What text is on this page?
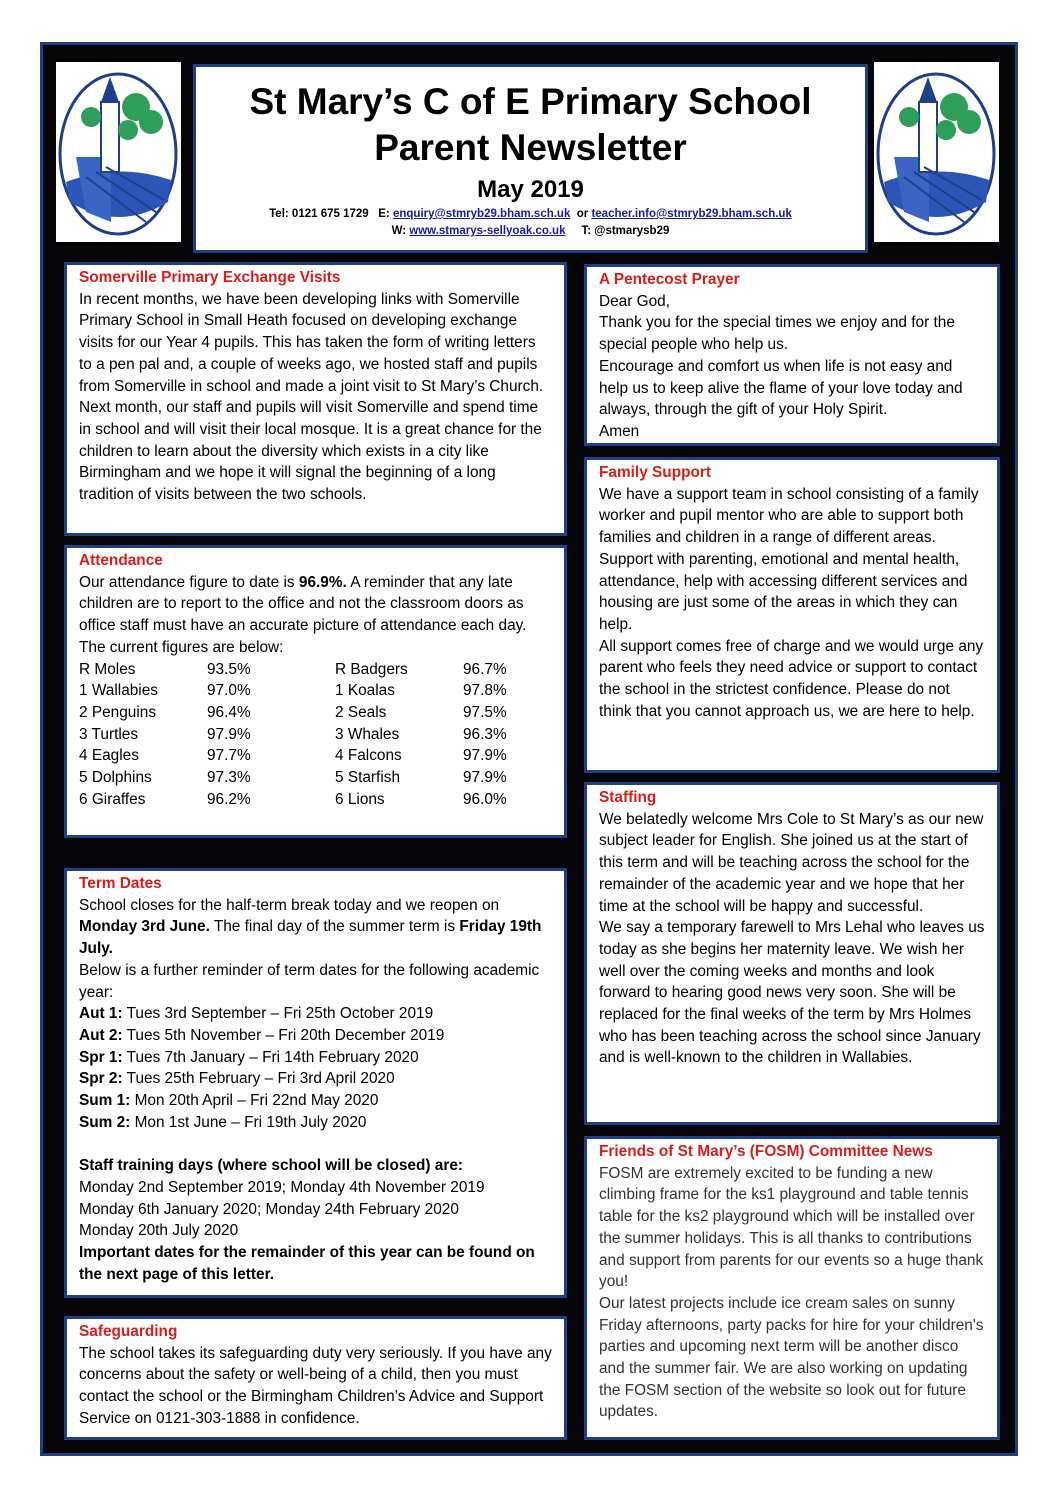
St Mary’s C of E Primary School
Parent Newsletter
May 2019
Tel: 0121 675 1729 E: enquiry@stmryb29.bham.sch.uk or teacher.info@stmryb29.bham.sch.uk
W: www.stmarys-sellyoak.co.uk T: @stmarysb29
Somerville Primary Exchange Visits

In recent months, we have been developing links with Somerville Primary School in Small Heath focused on developing exchange visits for our Year 4 pupils. This has taken the form of writing letters to a pen pal and, a couple of weeks ago, we hosted staff and pupils from Somerville in school and made a joint visit to St Mary’s Church.

Next month, our staff and pupils will visit Somerville and spend time in school and will visit their local mosque. It is a great chance for the children to learn about the diversity which exists in a city like Birmingham and we hope it will signal the beginning of a long tradition of visits between the two schools.

Attendance

Our attendance figure to date is 96.9%. A reminder that any late children are to report to the office and not the classroom doors as office staff must have an accurate picture of attendance each day. The current figures are below:

R Moles	93.5%	R Badgers	96.7%
1 Wallabies	97.0%	1 Koalas	97.8%
2 Penguins	96.4%	2 Seals	97.5%
3 Turtles	97.9%	3 Whales	96.3%
4 Eagles	97.7%	4 Falcons	97.9%
5 Dolphins	97.3%	5 Starfish	97.9%
6 Giraffes	96.2%	6 Lions	96.0%
Term Dates

School closes for the half-term break today and we reopen on Monday 3rd June. The final day of the summer term is Friday 19th July.

Below is a further reminder of term dates for the following academic year:

Aut 1: Tues 3rd September – Fri 25th October 2019
Aut 2: Tues 5th November – Fri 20th December 2019
Spr 1: Tues 7th January – Fri 14th February 2020
Spr 2: Tues 25th February – Fri 3rd April 2020
Sum 1: Mon 20th April – Fri 22nd May 2020
Sum 2: Mon 1st June – Fri 19th July 2020
Staff training days (where school will be closed) are:
Monday 2nd September 2019; Monday 4th November 2019
Monday 6th January 2020; Monday 24th February 2020
Monday 20th July 2020
Important dates for the remainder of this year can be found on the next page of this letter.
Safeguarding

The school takes its safeguarding duty very seriously. If you have any concerns about the safety or well-being of a child, then you must contact the school or the Birmingham Children’s Advice and Support Service on 0121-303-1888 in confidence.

A Pentecost Prayer

Dear God,

Thank you for the special times we enjoy and for the special people who help us.

Encourage and comfort us when life is not easy and help us to keep alive the flame of your love today and always, through the gift of your Holy Spirit.

Amen

Family Support

We have a support team in school consisting of a family worker and pupil mentor who are able to support both families and children in a range of different areas.

Support with parenting, emotional and mental health, attendance, help with accessing different services and housing are just some of the areas in which they can help.

All support comes free of charge and we would urge any parent who feels they need advice or support to contact the school in the strictest confidence. Please do not think that you cannot approach us, we are here to help.

Staffing

We belatedly welcome Mrs Cole to St Mary’s as our new subject leader for English. She joined us at the start of this term and will be teaching across the school for the remainder of the academic year and we hope that her time at the school will be happy and successful.

We say a temporary farewell to Mrs Lehal who leaves us today as she begins her maternity leave. We wish her well over the coming weeks and months and look forward to hearing good news very soon. She will be replaced for the final weeks of the term by Mrs Holmes who has been teaching across the school since January and is well-known to the children in Wallabies.

Friends of St Mary’s (FOSM) Committee News

FOSM are extremely excited to be funding a new climbing frame for the ks1 playground and table tennis table for the ks2 playground which will be installed over the summer holidays. This is all thanks to contributions and support from parents for our events so a huge thank you!

Our latest projects include ice cream sales on sunny Friday afternoons, party packs for hire for your children's parties and upcoming next term will be another disco and the summer fair. We are also working on updating the FOSM section of the website so look out for future updates.
